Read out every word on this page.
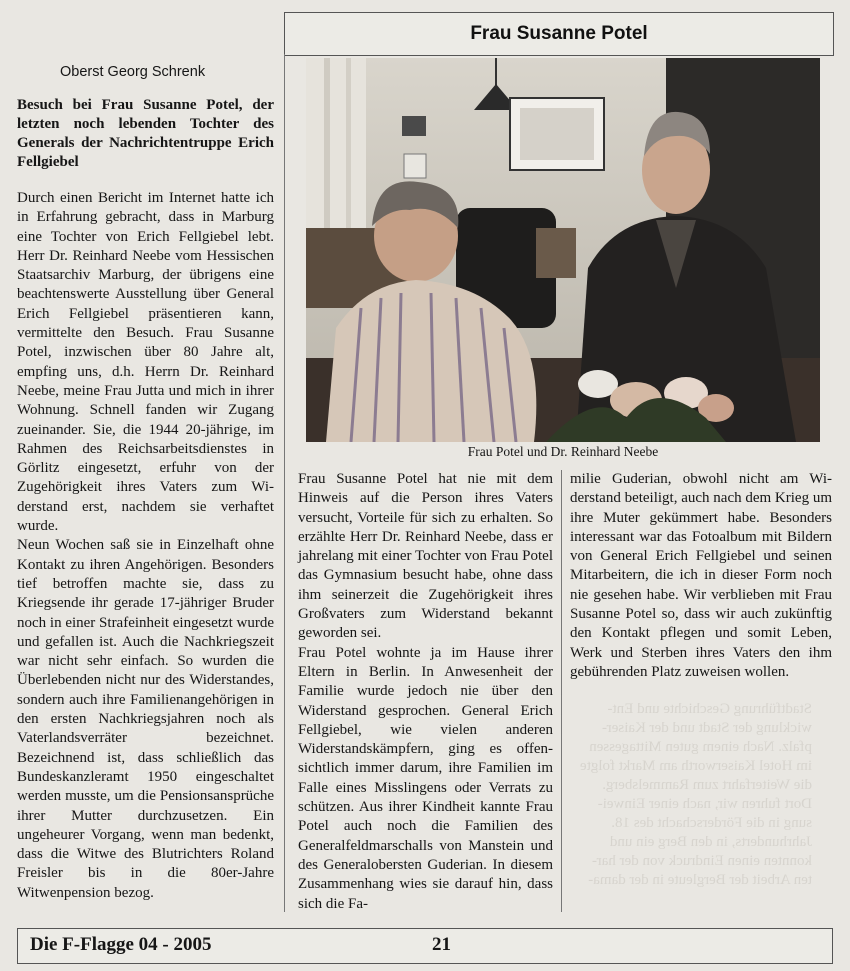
Stadtführung Geschichte und Ent-
wicklung der Stadt und der Kaiser-
pfalz. Nach einem guten Mittagessen
im Hotel Kaiserworth am Markt folgte
die Weiterfahrt zum Rammelsberg.
Dort fuhren wir, nach einer Einwei-
sung in die Förderschacht des 18.
Jahrhunderts, in den Berg ein und
konnten einen Eindruck von der har-
ten Arbeit der Bergleute in der dama-
Frau Susanne Potel
Oberst Georg Schrenk
Besuch bei Frau Susanne Potel, der letzten noch lebenden Tochter des Generals der Nachrichtentruppe Erich Fellgiebel

Durch einen Bericht im Internet hatte ich in Erfahrung gebracht, dass in Marburg eine Tochter von Erich Fellgiebel lebt. Herr Dr. Reinhard Neebe vom Hessischen Staatsarchiv Marburg, der übrigens eine beachtenswerte Ausstellung über General Erich Fellgiebel präsentieren kann, vermittelte den Besuch. Frau Susanne Potel, inzwischen über 80 Jahre alt, empfing uns, d.h. Herrn Dr. Reinhard Neebe, meine Frau Jutta und mich in ihrer Wohnung. Schnell fanden wir Zugang zueinander. Sie, die 1944 20-jährige, im Rahmen des Reichsarbeitsdienstes in Görlitz eingesetzt, erfuhr von der Zugehörigkeit ihres Vaters zum Widerstand erst, nachdem sie verhaftet wurde.

Neun Wochen saß sie in Einzelhaft ohne Kontakt zu ihren Angehörigen. Besonders tief betroffen machte sie, dass zu Kriegsende ihr gerade 17-jähriger Bruder noch in einer Strafeinheit eingesetzt wurde und gefallen ist. Auch die Nachkriegszeit war nicht sehr einfach. So wurden die Überlebenden nicht nur des Widerstandes, sondern auch ihre Familienangehörigen in den ersten Nachkriegsjahren noch als Vaterlandsverräter bezeichnet. Bezeichnend ist, dass schließlich das Bundeskanzleramt 1950 eingeschaltet werden musste, um die Pensionsansprüche ihrer Mutter durchzusetzen. Ein ungeheurer Vorgang, wenn man bedenkt, dass die Witwe des Blutrichters Roland Freisler bis in die 80er-Jahre Witwenpension bezog.

Frau Potel und Dr. Reinhard Neebe

Frau Susanne Potel hat nie mit dem Hinweis auf die Person ihres Vaters versucht, Vorteile für sich zu erhalten. So erzählte Herr Dr. Reinhard Neebe, dass er jahrelang mit einer Tochter von Frau Potel das Gymnasium besucht habe, ohne dass ihm seinerzeit die Zugehörigkeit ihres Großvaters zum Widerstand bekannt geworden sei.

Frau Potel wohnte ja im Hause ihrer Eltern in Berlin. In Anwesenheit der Familie wurde jedoch nie über den Widerstand gesprochen. General Erich Fellgiebel, wie vielen anderen Widerstandskämpfern, ging es offensichtlich immer darum, ihre Familien im Falle eines Misslingens oder Verrats zu schützen. Aus ihrer Kindheit kannte Frau Potel auch noch die Familien des Generalfeldmarschalls von Manstein und des Generalobersten Guderian. In diesem Zusammenhang wies sie darauf hin, dass sich die Fa-

milie Guderian, obwohl nicht am Widerstand beteiligt, auch nach dem Krieg um ihre Muter gekümmert habe. Besonders interessant war das Fotoalbum mit Bildern von General Erich Fellgiebel und seinen Mitarbeitern, die ich in dieser Form noch nie gesehen habe. Wir verblieben mit Frau Susanne Potel so, dass wir auch zukünftig den Kontakt pflegen und somit Leben, Werk und Sterben ihres Vaters den ihm gebührenden Platz zuweisen wollen.

Die F-Flagge 04 - 2005	21
